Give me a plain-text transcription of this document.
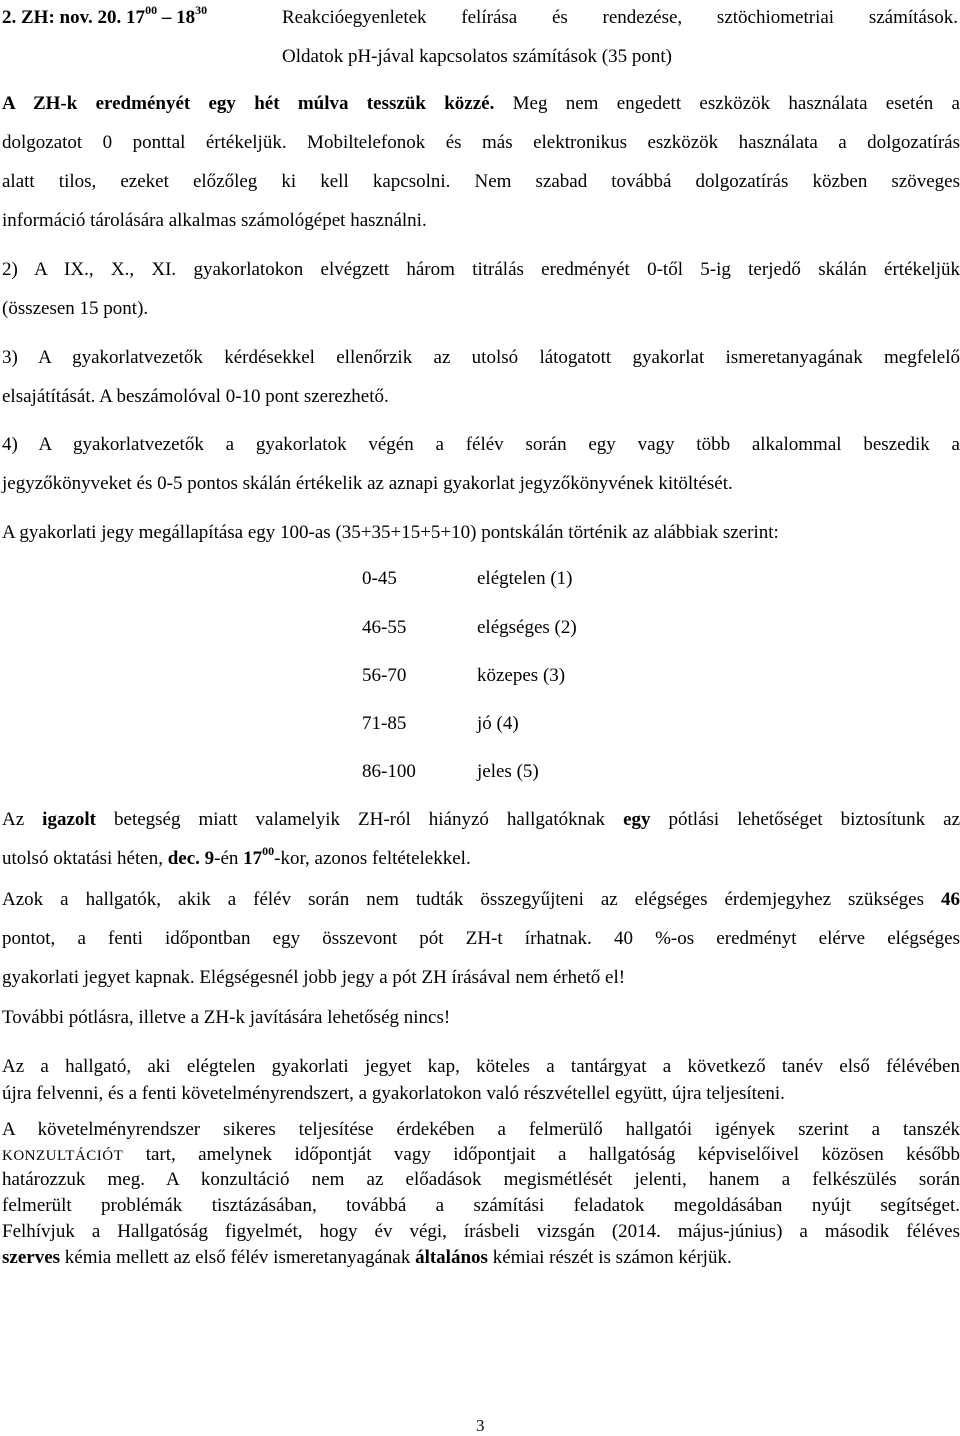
2. ZH: nov. 20. $17^{00} - 18^{30}$	Reakcióegyenletek felírása és rendezése, sztöchiometriai számítások.
Oldatok pH-jával kapcsolatos számítások (35 pont)
A ZH-k eredményét egy hét múlva tesszük közzé. Meg nem engedett eszközök használata esetén a
dolgozatot 0 ponttal értékeljük. Mobiltelefonok és más elektronikus eszközök használata a dolgozatírás
alatt tilos, ezeket előzőleg ki kell kapcsolni. Nem szabad továbbá dolgozatírás közben szöveges
információ tárolására alkalmas számológépet használni.
2) A IX., X., XI. gyakorlatokon elvégzett három titrálás eredményét 0-től 5-ig terjedő skálán értékeljük
(összesen 15 pont).
3) A gyakorlatvezetők kérdésekkel ellenőrzik az utolsó látogatott gyakorlat ismeretanyagának megfelelő
elsajátítását. A beszámolóval 0-10 pont szerezhető.
4) A gyakorlatvezetők a gyakorlatok végén a félév során egy vagy több alkalommal beszedik a
jegyzőkönyveket és 0-5 pontos skálán értékelik az aznapi gyakorlat jegyzőkönyvének kitöltését.
A gyakorlati jegy megállapítása egy 100-as (35+35+15+5+10) pontskálán történik az alábbiak szerint:
0-45	elégtelen (1)
46-55	elégséges (2)
56-70	közepes (3)
71-85	jó (4)
86-100	jeles (5)
Az igazolt betegség miatt valamelyik ZH-ról hiányzó hallgatóknak egy pótlási lehetőséget biztosítunk az
utolsó oktatási héten, dec. 9-én $17^{00}$-kor, azonos feltételekkel.
Azok a hallgatók, akik a félév során nem tudták összegyűjteni az elégséges érdemjegyhez szükséges 46
pontot, a fenti időpontban egy összevont pót ZH-t írhatnak. 40 %-os eredményt elérve elégséges
gyakorlati jegyet kapnak. Elégségesnél jobb jegy a pót ZH írásával nem érhető el!
További pótlásra, illetve a ZH-k javítására lehetőség nincs!
Az a hallgató, aki elégtelen gyakorlati jegyet kap, köteles a tantárgyat a következő tanév első félévében
újra felvenni, és a fenti követelményrendszert, a gyakorlatokon való részvétellel együtt, újra teljesíteni.
A követelményrendszer sikeres teljesítése érdekében a felmerülő hallgatói igények szerint a tanszék
KONZULTÁCIÓT tart, amelynek időpontját vagy időpontjait a hallgatóság képviselőivel közösen később
határozzuk meg. A konzultáció nem az előadások megismétlését jelenti, hanem a felkészülés során
felmerült problémák tisztázásában, továbbá a számítási feladatok megoldásában nyújt segítséget.
Felhívjuk a Hallgatóság figyelmét, hogy év végi, írásbeli vizsgán (2014. május-június) a második féléves
szerves kémia mellett az első félév ismeretanyagának általános kémiai részét is számon kérjük.
3
